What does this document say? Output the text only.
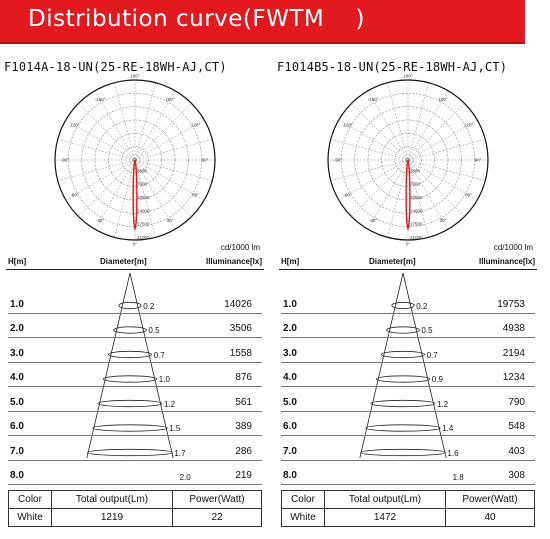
Distribution curve(FWTM    )
F1014A-18-UN(25-RE-18WH-AJ,CT)
180°
-150°	150°
-120°	120°
-90°	90°
-60°	60°
-30°	30°
0°
3500
7000
10500
14000
17500
21000
cd/1000 lm
H[m]	Diameter[m]	Illuminance[lx]
1.0	0.2	14026
2.0	0.5	3506
3.0	0.7	1558
4.0	1.0	876
5.0	1.2	561
6.0	1.5	389
7.0	1.7	286
8.0	2.0	219
Color	Total output(Lm)	Power(Watt)
White	1219	22
F1014B5-18-UN(25-RE-18WH-AJ,CT)
180°
-150°	150°
-120°	120°
-90°	90°
-60°	60°
-30°	30°
0°
3500
7000
10500
14000
17500
21000
cd/1000 lm
H[m]	Diameter[m]	Illuminance[lx]
1.0	0.2	19753
2.0	0.5	4938
3.0	0.7	2194
4.0	0.9	1234
5.0	1.2	790
6.0	1.4	548
7.0	1.6	403
8.0	1.8	308
Color	Total output(Lm)	Power(Watt)
White	1472	40
